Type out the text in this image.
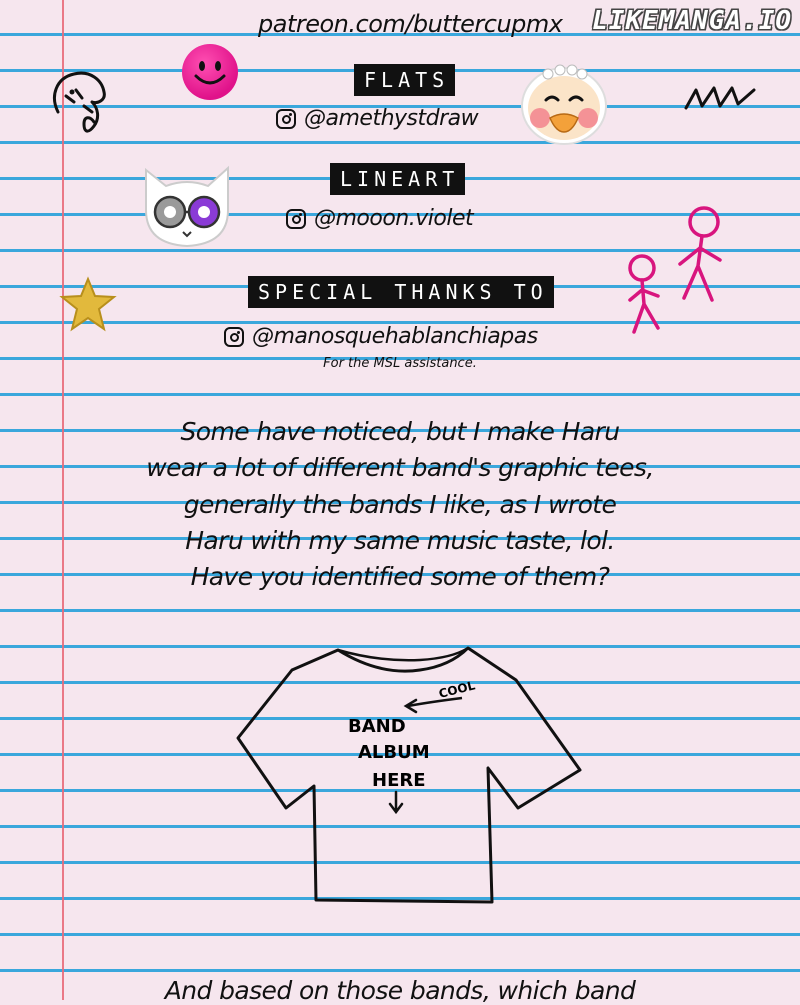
patreon.com/buttercupmx LIKEMANGA.IO
FLATS
@amethystdraw
LINEART
@mooon.violet
SPECIAL THANKS TO
@manosquehablanchiapas
For the MSL assistance.
Some have noticed, but I make Haru
wear a lot of different band's graphic tees,
generally the bands I like, as I wrote
Haru with my same music taste, lol.
Have you identified some of them?
COOL
BAND
ALBUM
HERE
And based on those bands, which band
